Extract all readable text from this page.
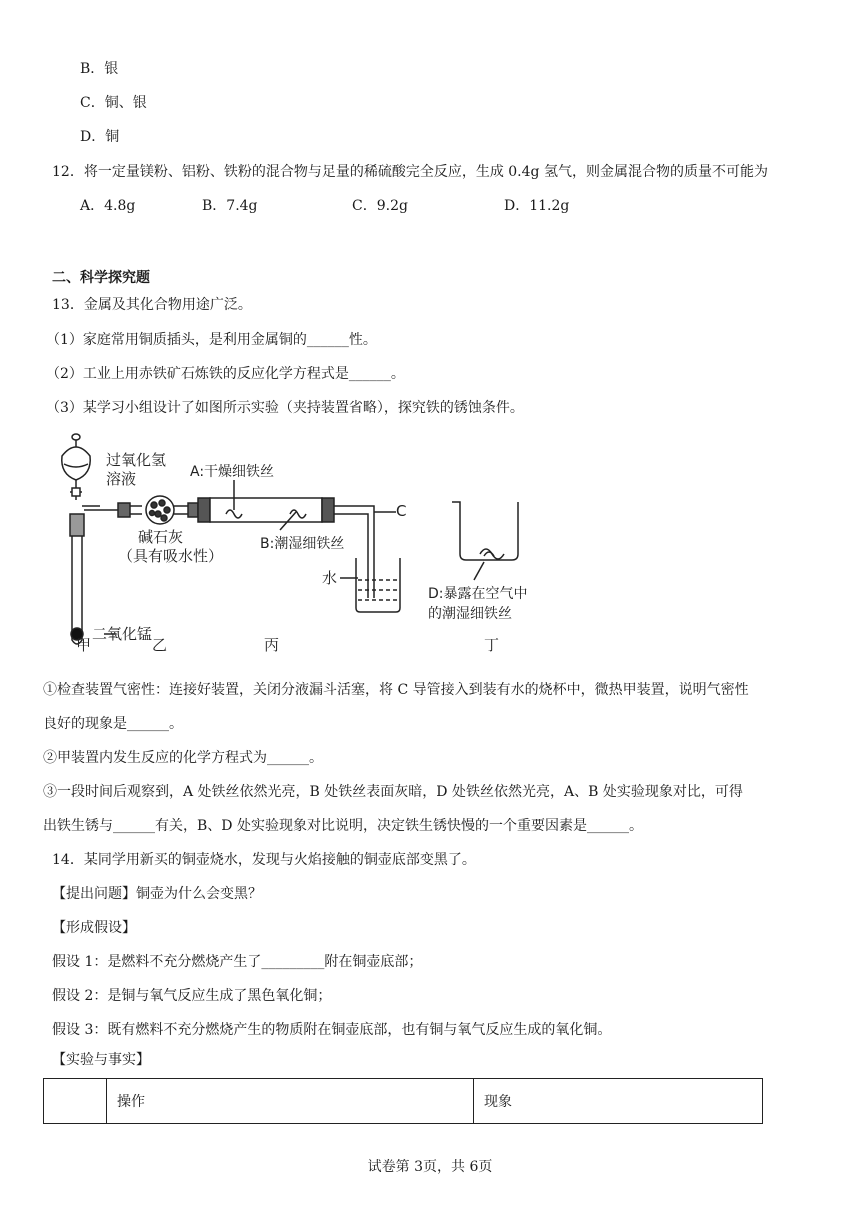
B．银
C．铜、银
D．铜
12．将一定量镁粉、铝粉、铁粉的混合物与足量的稀硫酸完全反应，生成 0.4g 氢气，则金属混合物的质量不可能为
A．4.8g	B．7.4g	C．9.2g	D．11.2g
二、科学探究题
13．金属及其化合物用途广泛。
（1）家庭常用铜质插头，是利用金属铜的______性。
（2）工业上用赤铁矿石炼铁的反应化学方程式是______。
（3）某学习小组设计了如图所示实验（夹持装置省略），探究铁的锈蚀条件。
过氧化氢
溶液	A:干燥细铁丝
C
碱石灰
（具有吸水性）
B:潮湿细铁丝
水
二氧化锰
D:暴露在空气中
的潮湿细铁丝
甲	乙	丙	丁
①检查装置气密性：连接好装置，关闭分液漏斗活塞，将 C 导管接入到装有水的烧杯中，微热甲装置，说明气密性
良好的现象是______。
②甲装置内发生反应的化学方程式为______。
③一段时间后观察到，A 处铁丝依然光亮，B 处铁丝表面灰暗，D 处铁丝依然光亮，A、B 处实验现象对比，可得
出铁生锈与______有关，B、D 处实验现象对比说明，决定铁生锈快慢的一个重要因素是______。
14．某同学用新买的铜壶烧水，发现与火焰接触的铜壶底部变黑了。
【提出问题】铜壶为什么会变黑？
【形成假设】
假设 1：是燃料不充分燃烧产生了_________附在铜壶底部；
假设 2：是铜与氧气反应生成了黑色氧化铜；
假设 3：既有燃料不充分燃烧产生的物质附在铜壶底部，也有铜与氧气反应生成的氧化铜。
【实验与事实】
	操作	现象
试卷第 3页，共 6页
